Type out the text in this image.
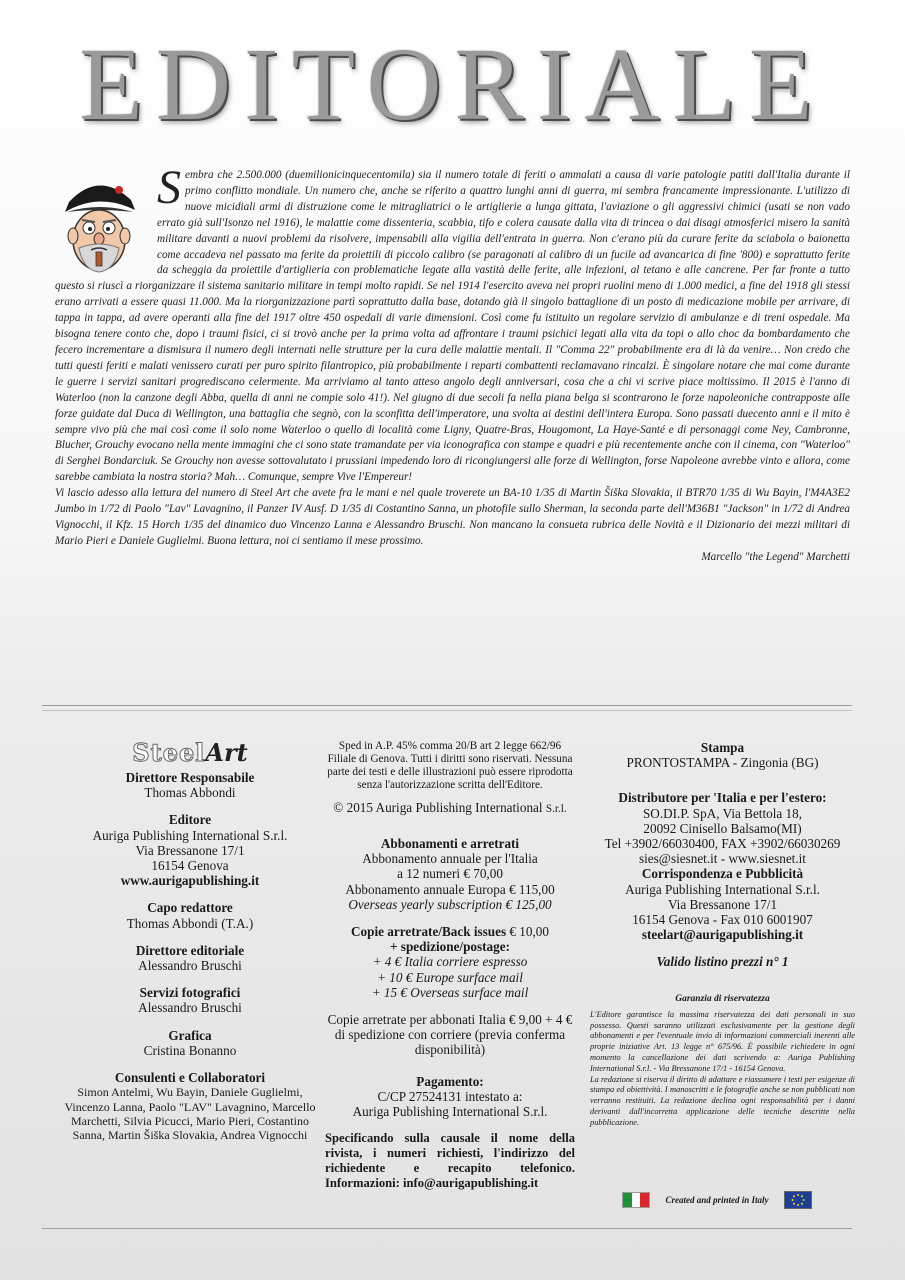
EDITORIALE

Sembra che 2.500.000 (duemilionicinquecentomila) sia il numero totale di feriti o ammalati a causa di varie patologie patiti dall'Italia durante il primo conflitto mondiale. Un numero che, anche se riferito a quattro lunghi anni di guerra, mi sembra francamente impressionante. L'utilizzo di nuove micidiali armi di distruzione come le mitragliatrici o le artiglierie a lunga gittata, l'aviazione o gli aggressivi chimici (usati se non vado errato già sull'Isonzo nel 1916), le malattie come dissenteria, scabbia, tifo e colera causate dalla vita di trincea o dai disagi atmosferici misero la sanità militare davanti a nuovi problemi da risolvere, impensabili alla vigilia dell'entrata in guerra. Non c'erano più da curare ferite da sciabola o baionetta come accadeva nel passato ma ferite da proiettili di piccolo calibro (se paragonati al calibro di un fucile ad avancarica di fine '800) e soprattutto ferite da scheggia da proiettile d'artiglieria con problematiche legate alla vastità delle ferite, alle infezioni, al tetano e alle cancrene. Per far fronte a tutto questo si riuscì a riorganizzare il sistema sanitario militare in tempi molto rapidi. Se nel 1914 l'esercito aveva nei propri ruolini meno di 1.000 medici, a fine del 1918 gli stessi erano arrivati a essere quasi 11.000. Ma la riorganizzazione partì soprattutto dalla base, dotando già il singolo battaglione di un posto di medicazione mobile per arrivare, di tappa in tappa, ad avere operanti alla fine del 1917 oltre 450 ospedali di varie dimensioni. Così come fu istituito un regolare servizio di ambulanze e di treni ospedale. Ma bisogna tenere conto che, dopo i traumi fisici, ci si trovò anche per la prima volta ad affrontare i traumi psichici legati alla vita da topi o allo choc da bombardamento che fecero incrementare a dismisura il numero degli internati nelle strutture per la cura delle malattie mentali. Il "Comma 22" probabilmente era di là da venire… Non credo che tutti questi feriti e malati venissero curati per puro spirito filantropico, più probabilmente i reparti combattenti reclamavano rincalzi. È singolare notare che mai come durante le guerre i servizi sanitari progrediscano celermente. Ma arriviamo al tanto atteso angolo degli anniversari, cosa che a chi vi scrive piace moltissimo. Il 2015 è l'anno di Waterloo (non la canzone degli Abba, quella di anni ne compie solo 41!). Nel giugno di due secoli fa nella piana belga si scontrarono le forze napoleoniche contrapposte alle forze guidate dal Duca di Wellington, una battaglia che segnò, con la sconfitta dell'imperatore, una svolta ai destini dell'intera Europa. Sono passati duecento anni e il mito è sempre vivo più che mai così come il solo nome Waterloo o quello di località come Ligny, Quatre-Bras, Hougomont, La Haye-Santé e di personaggi come Ney, Cambronne, Blucher, Grouchy evocano nella mente immagini che ci sono state tramandate per via iconografica con stampe e quadri e più recentemente anche con il cinema, con "Waterloo" di Serghei Bondarciuk. Se Grouchy non avesse sottovalutato i prussiani impedendo loro di ricongiungersi alle forze di Wellington, forse Napoleone avrebbe vinto e allora, come sarebbe cambiata la nostra storia? Mah… Comunque, sempre Vive l'Empereur!

Vi lascio adesso alla lettura del numero di Steel Art che avete fra le mani e nel quale troverete un BA-10 1/35 di Martin Šiška Slovakia, il BTR70 1/35 di Wu Bayin, l'M4A3E2 Jumbo in 1/72 di Paolo "Lav" Lavagnino, il Panzer IV Ausf. D 1/35 di Costantino Sanna, un photofile sullo Sherman, la seconda parte dell'M36B1 "Jackson" in 1/72 di Andrea Vignocchi, il Kfz. 15 Horch 1/35 del dinamico duo Vincenzo Lanna e Alessandro Bruschi. Non mancano la consueta rubrica delle Novità e il Dizionario dei mezzi militari di Mario Pieri e Daniele Guglielmi. Buona lettura, noi ci sentiamo il mese prossimo.

Marcello "the Legend" Marchetti

SteelArt
Direttore Responsabile
Thomas Abbondi
Editore
Auriga Publishing International S.r.l.
Via Bressanone 17/1
16154 Genova
www.aurigapublishing.it
Capo redattore
Thomas Abbondi (T.A.)
Direttore editoriale
Alessandro Bruschi
Servizi fotografici
Alessandro Bruschi
Grafica
Cristina Bonanno
Consulenti e Collaboratori
Simon Antelmi, Wu Bayin, Daniele Guglielmi, Vincenzo Lanna, Paolo "LAV" Lavagnino, Marcello Marchetti, Silvia Picucci, Mario Pieri, Costantino Sanna, Martin Šiška Slovakia, Andrea Vignocchi
Sped in A.P. 45% comma 20/B art 2 legge 662/96 Filiale di Genova. Tutti i diritti sono riservati. Nessuna parte dei testi e delle illustrazioni può essere riprodotta senza l'autorizzazione scritta dell'Editore.
© 2015 Auriga Publishing International S.r.l.
Abbonamenti e arretrati
Abbonamento annuale per l'Italia
a 12 numeri € 70,00
Abbonamento annuale Europa € 115,00
Overseas yearly subscription € 125,00
Copie arretrate/Back issues € 10,00
+ spedizione/postage:
+ 4 € Italia corriere espresso
+ 10 € Europe surface mail
+ 15 € Overseas surface mail
Copie arretrate per abbonati Italia € 9,00 + 4 € di spedizione con corriere (previa conferma disponibilità)
Pagamento:
C/CP 27524131 intestato a:
Auriga Publishing International S.r.l.
Specificando sulla causale il nome della rivista, i numeri richiesti, l'indirizzo del richiedente e recapito telefonico. Informazioni: info@aurigapublishing.it
Stampa
PRONTOSTAMPA - Zingonia (BG)
Distributore per 'Italia e per l'estero:
SO.DI.P. SpA, Via Bettola 18,
20092 Cinisello Balsamo(MI)
Tel +3902/66030400, FAX +3902/66030269
sies@siesnet.it - www.siesnet.it
Corrispondenza e Pubblicità
Auriga Publishing International S.r.l.
Via Bressanone 17/1
16154 Genova - Fax 010 6001907
steelart@aurigapublishing.it
Valido listino prezzi n° 1
Garanzia di riservatezza
L'Editore garantisce la massima riservatezza dei dati personali in suo possesso. Questi saranno utilizzati esclusivamente per la gestione degli abbonamenti e per l'eventuale invio di informazioni commerciali inerenti alle proprie iniziative Art. 13 legge n° 675/96. È possibile richiedere in ogni momento la cancellazione dei dati scrivendo a: Auriga Publishing International S.r.l. - Via Bressanone 17/1 - 16154 Genova.
La redazione si riserva il diritto di adattare e riassumere i testi per esigenze di stampa ed obiettività. I manoscritti e le fotografie anche se non pubblicati non verranno restituiti. La redazione declina ogni responsabilità per i danni derivanti dall'incorretta applicazione delle tecniche descritte nella pubblicazione.
Created and printed in Italy
